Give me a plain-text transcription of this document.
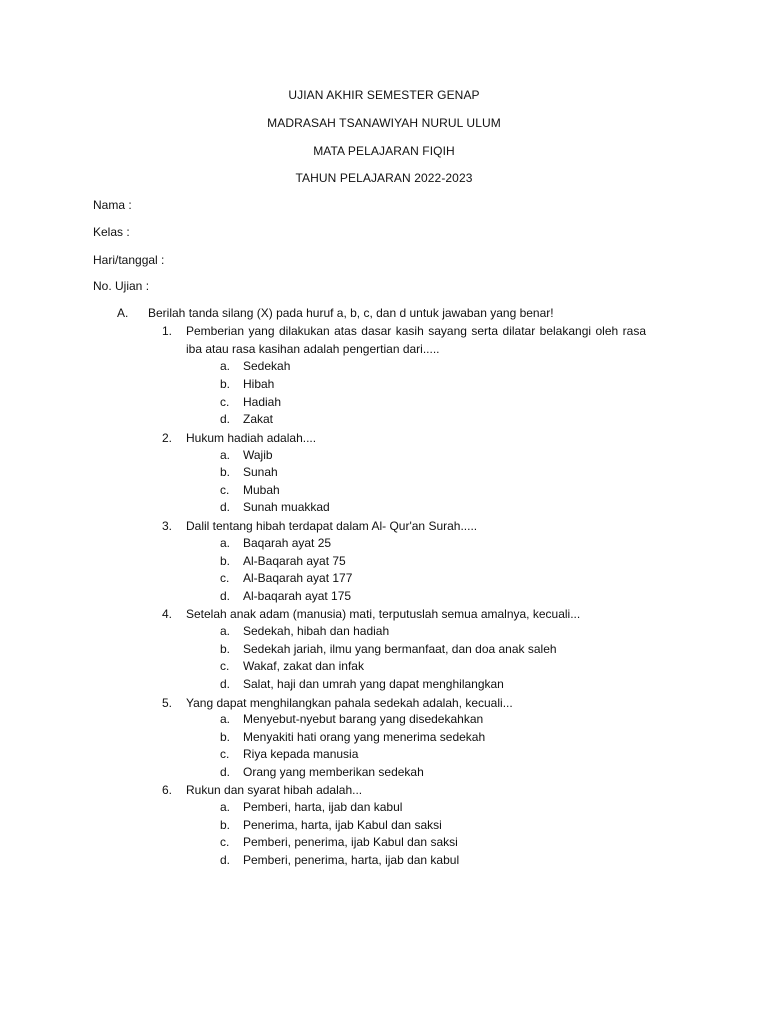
UJIAN AKHIR SEMESTER GENAP
MADRASAH TSANAWIYAH NURUL ULUM
MATA PELAJARAN FIQIH
TAHUN PELAJARAN 2022-2023
Nama :
Kelas :
Hari/tanggal :
No. Ujian :
A. Berilah tanda silang (X) pada huruf a, b, c, dan d untuk jawaban yang benar!
1. Pemberian yang dilakukan atas dasar kasih sayang serta dilatar belakangi oleh rasa iba atau rasa kasihan adalah pengertian dari.....
a. Sedekah
b. Hibah
c. Hadiah
d. Zakat
2. Hukum hadiah adalah....
a. Wajib
b. Sunah
c. Mubah
d. Sunah muakkad
3. Dalil tentang hibah terdapat dalam Al- Qur'an Surah.....
a. Baqarah ayat 25
b. Al-Baqarah ayat 75
c. Al-Baqarah ayat 177
d. Al-baqarah ayat 175
4. Setelah anak adam (manusia) mati, terputuslah semua amalnya, kecuali...
a. Sedekah, hibah dan hadiah
b. Sedekah jariah, ilmu yang bermanfaat, dan doa anak saleh
c. Wakaf, zakat dan infak
d. Salat, haji dan umrah yang dapat menghilangkan
5. Yang dapat menghilangkan pahala sedekah adalah, kecuali...
a. Menyebut-nyebut barang yang disedekahkan
b. Menyakiti hati orang yang menerima sedekah
c. Riya kepada manusia
d. Orang yang memberikan sedekah
6. Rukun dan syarat hibah adalah...
a. Pemberi, harta, ijab dan kabul
b. Penerima, harta, ijab Kabul dan saksi
c. Pemberi, penerima, ijab Kabul dan saksi
d. Pemberi, penerima, harta, ijab dan kabul
